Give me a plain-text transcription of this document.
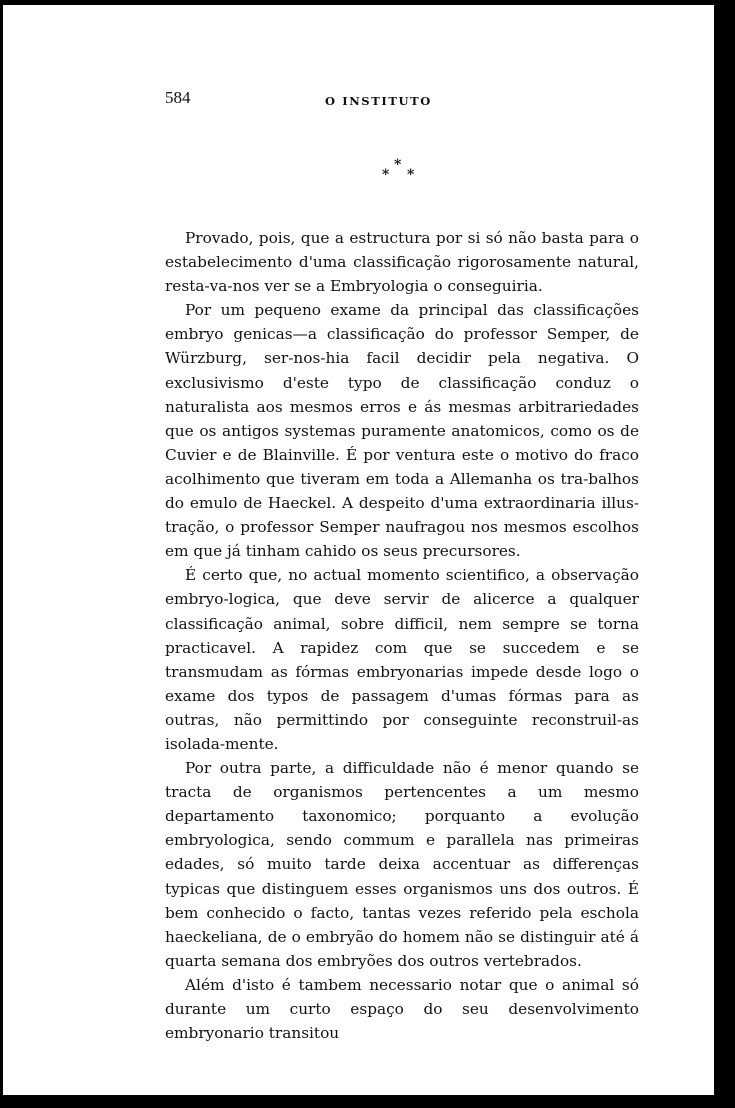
584	O INSTITUTO
*
* *

Provado, pois, que a estructura por si só não basta para o estabelecimento d'uma classificação rigorosamente natural, resta-va-nos ver se a Embryologia o conseguiria.

Por um pequeno exame da principal das classificações embryo genicas—a classificação do professor Semper, de Würzburg, ser-nos-hia facil decidir pela negativa. O exclusivismo d'este typo de classificação conduz o naturalista aos mesmos erros e ás mesmas arbitrariedades que os antigos systemas puramente anatomicos, como os de Cuvier e de Blainville. É por ventura este o motivo do fraco acolhimento que tiveram em toda a Allemanha os tra-balhos do emulo de Haeckel. A despeito d'uma extraordinaria illus-tração, o professor Semper naufragou nos mesmos escolhos em que já tinham cahido os seus precursores.

É certo que, no actual momento scientifico, a observação embryo-logica, que deve servir de alicerce a qualquer classificação animal, sobre difficil, nem sempre se torna practicavel. A rapidez com que se succedem e se transmudam as fórmas embryonarias impede desde logo o exame dos typos de passagem d'umas fórmas para as outras, não permittindo por conseguinte reconstruil-as isolada-mente.

Por outra parte, a difficuldade não é menor quando se tracta de organismos pertencentes a um mesmo departamento taxonomico; porquanto a evolução embryologica, sendo commum e parallela nas primeiras edades, só muito tarde deixa accentuar as differenças typicas que distinguem esses organismos uns dos outros. É bem conhecido o facto, tantas vezes referido pela eschola haeckeliana, de o embryão do homem não se distinguir até á quarta semana dos embryões dos outros vertebrados.

Além d'isto é tambem necessario notar que o animal só durante um curto espaço do seu desenvolvimento embryonario transitou
